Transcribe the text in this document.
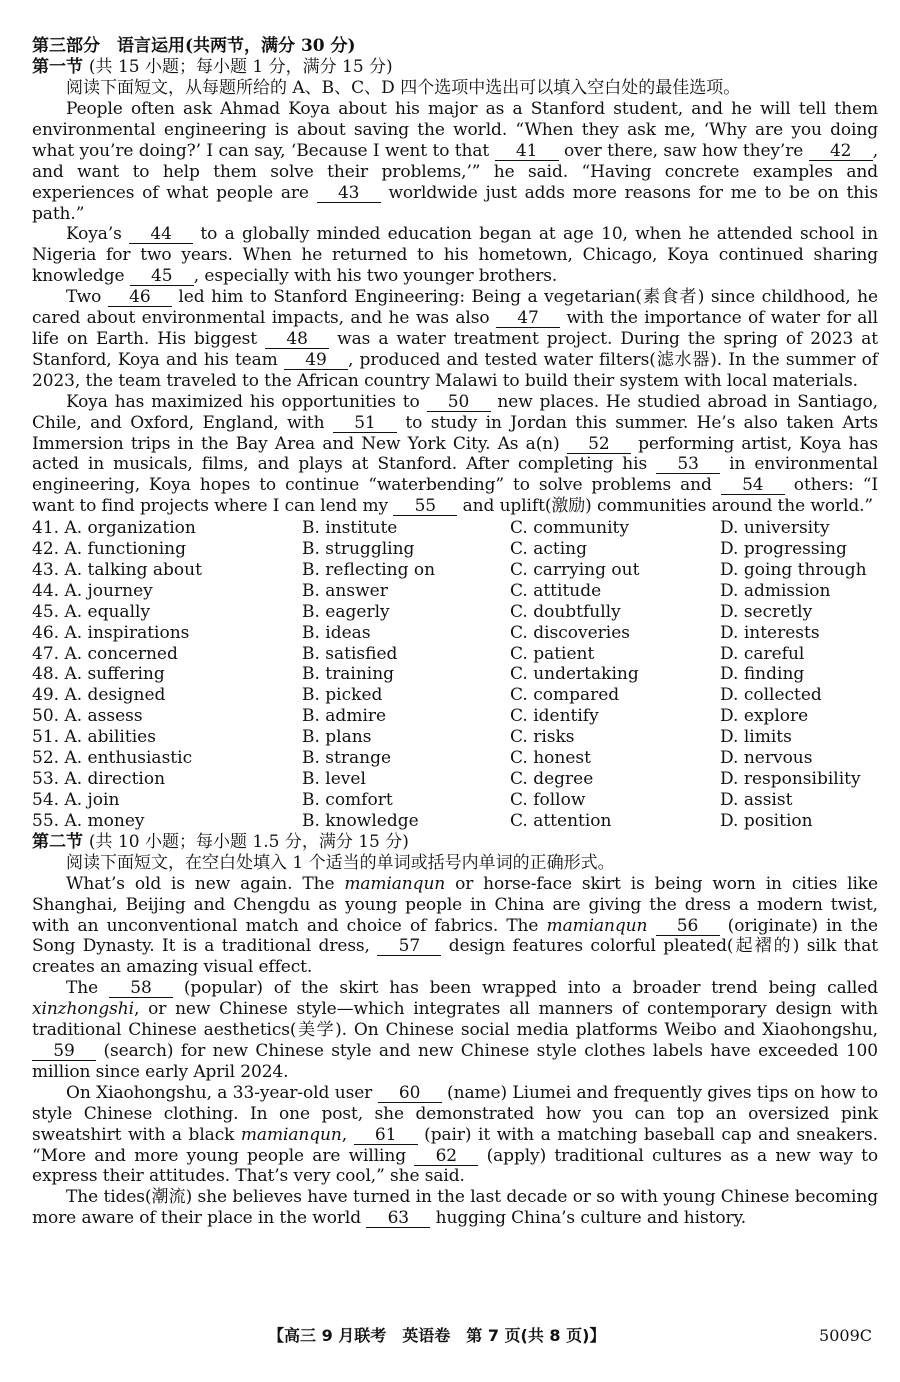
第三部分　语言运用(共两节，满分 30 分)
第一节 (共 15 小题；每小题 1 分，满分 15 分)

阅读下面短文，从每题所给的 A、B、C、D 四个选项中选出可以填入空白处的最佳选项。

People often ask Ahmad Koya about his major as a Stanford student, and he will tell them environmental engineering is about saving the world. “When they ask me, ‘Why are you doing what you’re doing?’ I can say, ‘Because I went to that 41 over there, saw how they’re 42 , and want to help them solve their problems,’” he said. “Having concrete examples and experiences of what people are 43 worldwide just adds more reasons for me to be on this path.”

Koya’s 44 to a globally minded education began at age 10, when he attended school in Nigeria for two years. When he returned to his hometown, Chicago, Koya continued sharing knowledge 45 , especially with his two younger brothers.

Two 46 led him to Stanford Engineering: Being a vegetarian(素食者) since childhood, he cared about environmental impacts, and he was also 47 with the importance of water for all life on Earth. His biggest 48 was a water treatment project. During the spring of 2023 at Stanford, Koya and his team 49 , produced and tested water filters(滤水器). In the summer of 2023, the team traveled to the African country Malawi to build their system with local materials.

Koya has maximized his opportunities to 50 new places. He studied abroad in Santiago, Chile, and Oxford, England, with 51 to study in Jordan this summer. He’s also taken Arts Immersion trips in the Bay Area and New York City. As a(n) 52 performing artist, Koya has acted in musicals, films, and plays at Stanford. After completing his 53 in environmental engineering, Koya hopes to continue “waterbending” to solve problems and 54 others: “I want to find projects where I can lend my 55 and uplift(激励) communities around the world.”

41. A. organization	B. institute	C. community	D. university
42. A. functioning	B. struggling	C. acting	D. progressing
43. A. talking about	B. reflecting on	C. carrying out	D. going through
44. A. journey	B. answer	C. attitude	D. admission
45. A. equally	B. eagerly	C. doubtfully	D. secretly
46. A. inspirations	B. ideas	C. discoveries	D. interests
47. A. concerned	B. satisfied	C. patient	D. careful
48. A. suffering	B. training	C. undertaking	D. finding
49. A. designed	B. picked	C. compared	D. collected
50. A. assess	B. admire	C. identify	D. explore
51. A. abilities	B. plans	C. risks	D. limits
52. A. enthusiastic	B. strange	C. honest	D. nervous
53. A. direction	B. level	C. degree	D. responsibility
54. A. join	B. comfort	C. follow	D. assist
55. A. money	B. knowledge	C. attention	D. position
第二节 (共 10 小题；每小题 1.5 分，满分 15 分)

阅读下面短文，在空白处填入 1 个适当的单词或括号内单词的正确形式。

What’s old is new again. The mamianqun or horse-face skirt is being worn in cities like Shanghai, Beijing and Chengdu as young people in China are giving the dress a modern twist, with an unconventional match and choice of fabrics. The mamianqun 56 (originate) in the Song Dynasty. It is a traditional dress, 57 design features colorful pleated(起褶的) silk that creates an amazing visual effect.

The 58 (popular) of the skirt has been wrapped into a broader trend being called xinzhongshi, or new Chinese style—which integrates all manners of contemporary design with traditional Chinese aesthetics(美学). On Chinese social media platforms Weibo and Xiaohongshu, 59 (search) for new Chinese style and new Chinese style clothes labels have exceeded 100 million since early April 2024.

On Xiaohongshu, a 33-year-old user 60 (name) Liumei and frequently gives tips on how to style Chinese clothing. In one post, she demonstrated how you can top an oversized pink sweatshirt with a black mamianqun, 61 (pair) it with a matching baseball cap and sneakers. “More and more young people are willing 62 (apply) traditional cultures as a new way to express their attitudes. That’s very cool,” she said.

The tides(潮流) she believes have turned in the last decade or so with young Chinese becoming more aware of their place in the world 63 hugging China’s culture and history.

【高三 9 月联考　英语卷　第 7 页(共 8 页)】	5009C
